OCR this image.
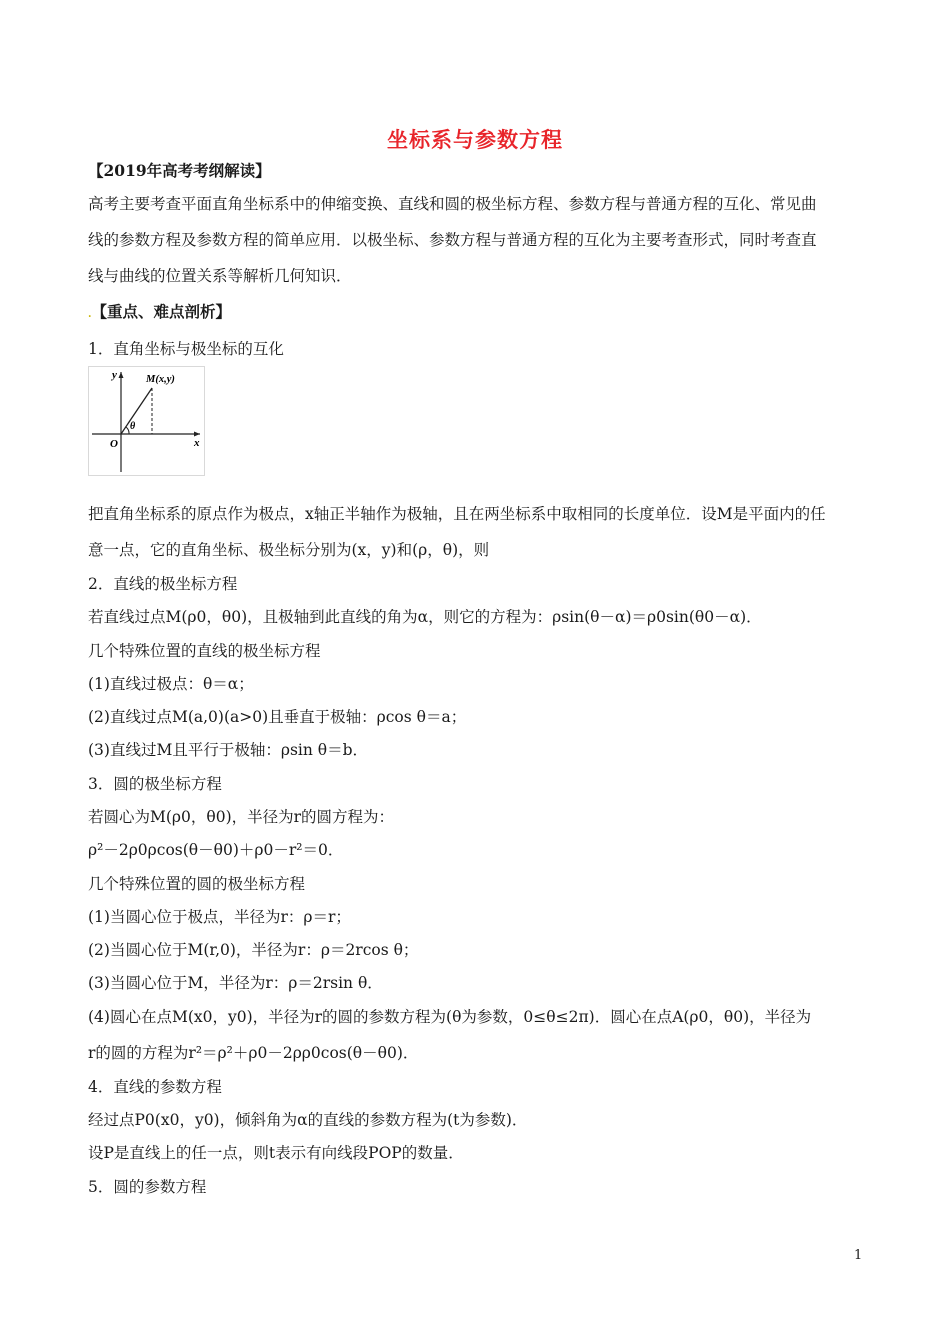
坐标系与参数方程
【2019年高考考纲解读】
高考主要考查平面直角坐标系中的伸缩变换、直线和圆的极坐标方程、参数方程与普通方程的互化、常见曲
线的参数方程及参数方程的简单应用．以极坐标、参数方程与普通方程的互化为主要考查形式，同时考查直
线与曲线的位置关系等解析几何知识．
.【重点、难点剖析】
1．直角坐标与极坐标的互化
y
x
O
θ
M(x,y)
把直角坐标系的原点作为极点，x轴正半轴作为极轴，且在两坐标系中取相同的长度单位．设M是平面内的任
意一点，它的直角坐标、极坐标分别为(x，y)和(ρ，θ)，则
2．直线的极坐标方程
若直线过点M(ρ0，θ0)，且极轴到此直线的角为α，则它的方程为：ρsin(θ－α)＝ρ0sin(θ0－α)．
几个特殊位置的直线的极坐标方程
(1)直线过极点：θ＝α；
(2)直线过点M(a,0)(a>0)且垂直于极轴：ρcos θ＝a；
(3)直线过M且平行于极轴：ρsin θ＝b．
3．圆的极坐标方程
若圆心为M(ρ0，θ0)，半径为r的圆方程为：
ρ²－2ρ0ρcos(θ－θ0)＋ρ0－r²＝0．
几个特殊位置的圆的极坐标方程
(1)当圆心位于极点，半径为r：ρ＝r；
(2)当圆心位于M(r,0)，半径为r：ρ＝2rcos θ；
(3)当圆心位于M，半径为r：ρ＝2rsin θ．
(4)圆心在点M(x0，y0)，半径为r的圆的参数方程为(θ为参数，0≤θ≤2π)．圆心在点A(ρ0，θ0)，半径为
r的圆的方程为r²＝ρ²＋ρ0－2ρρ0cos(θ－θ0)．
4．直线的参数方程
经过点P0(x0，y0)，倾斜角为α的直线的参数方程为(t为参数)．
设P是直线上的任一点，则t表示有向线段POP的数量．
5．圆的参数方程
1
